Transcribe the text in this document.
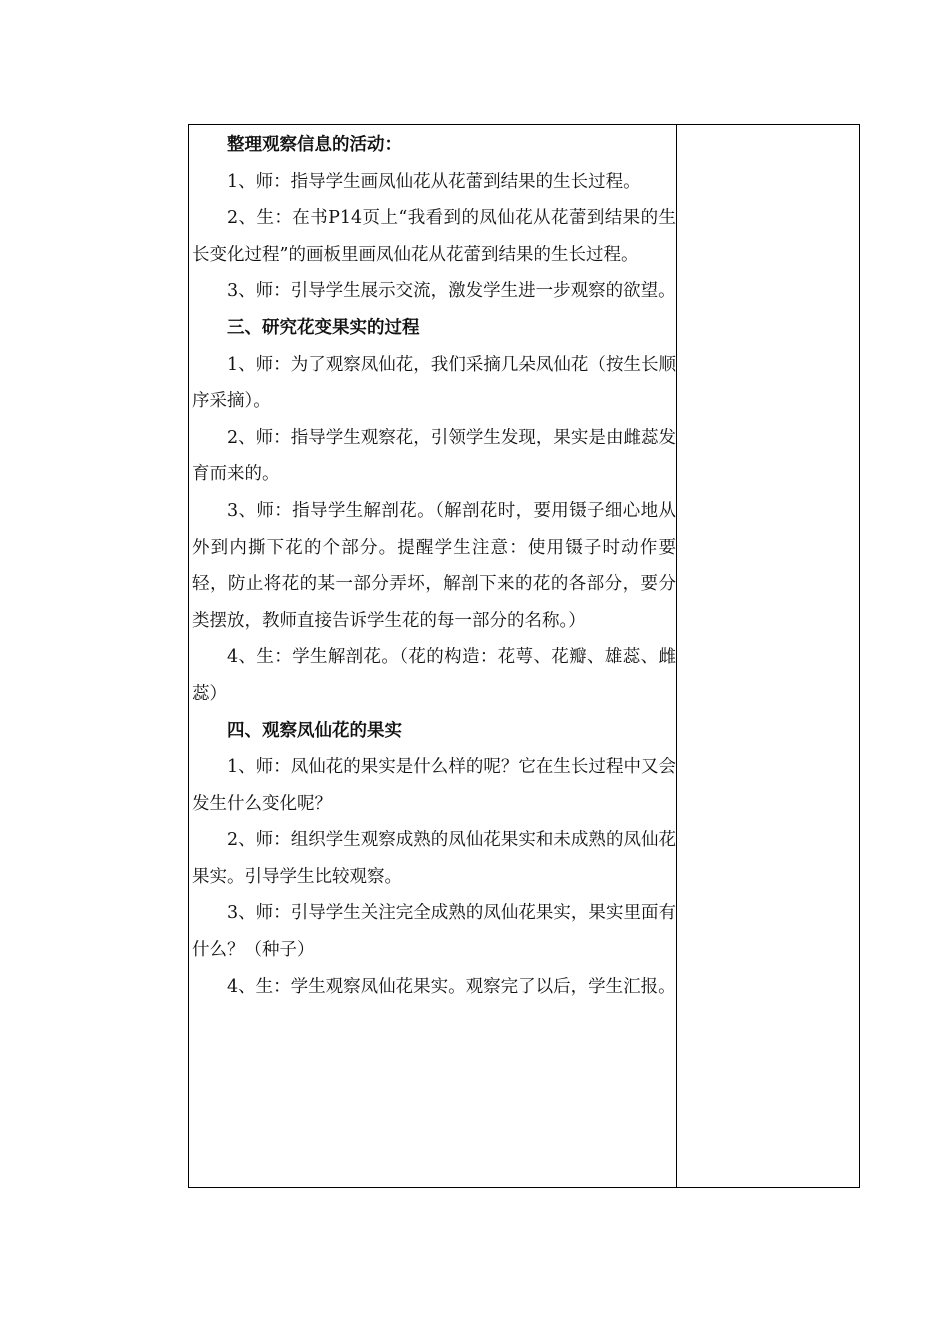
整理观察信息的活动：

1、师：指导学生画凤仙花从花蕾到结果的生长过程。

2、生：在书P14页上“我看到的凤仙花从花蕾到结果的生长变化过程”的画板里画凤仙花从花蕾到结果的生长过程。

3、师：引导学生展示交流，激发学生进一步观察的欲望。

三、研究花变果实的过程

1、师：为了观察凤仙花，我们采摘几朵凤仙花（按生长顺序采摘）。

2、师：指导学生观察花，引领学生发现，果实是由雌蕊发育而来的。

3、师：指导学生解剖花。（解剖花时，要用镊子细心地从外到内撕下花的个部分。提醒学生注意：使用镊子时动作要轻，防止将花的某一部分弄坏，解剖下来的花的各部分，要分类摆放，教师直接告诉学生花的每一部分的名称。）

4、生：学生解剖花。（花的构造：花萼、花瓣、雄蕊、雌蕊）

四、观察凤仙花的果实

1、师：凤仙花的果实是什么样的呢？它在生长过程中又会发生什么变化呢？

2、师：组织学生观察成熟的凤仙花果实和未成熟的凤仙花果实。引导学生比较观察。

3、师：引导学生关注完全成熟的凤仙花果实，果实里面有什么？（种子）

4、生：学生观察凤仙花果实。观察完了以后，学生汇报。
